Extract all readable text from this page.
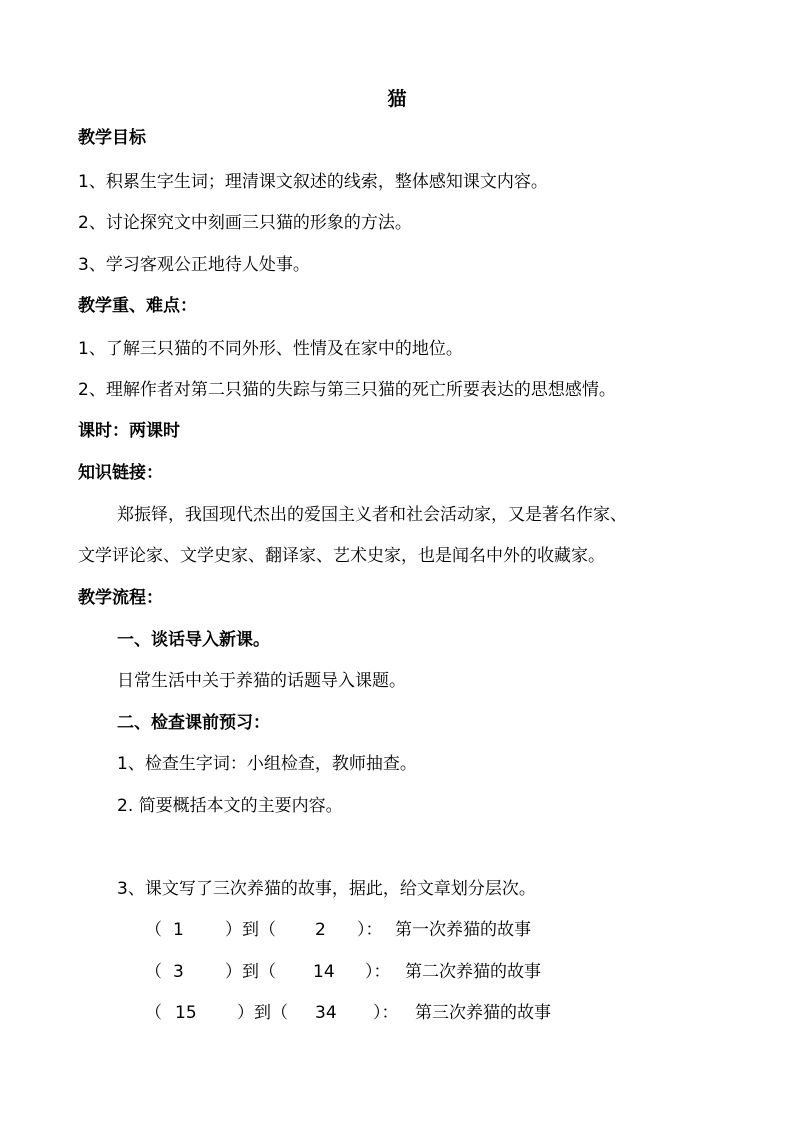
猫
教学目标
1、积累生字生词；理清课文叙述的线索，整体感知课文内容。
2、讨论探究文中刻画三只猫的形象的方法。
3、学习客观公正地待人处事。
教学重、难点：
1、了解三只猫的不同外形、性情及在家中的地位。
2、理解作者对第二只猫的失踪与第三只猫的死亡所要表达的思想感情。
课时：两课时
知识链接：
郑振铎，我国现代杰出的爱国主义者和社会活动家，又是著名作家、
文学评论家、文学史家、翻译家、艺术史家，也是闻名中外的收藏家。
教学流程：
一、谈话导入新课。
日常生活中关于养猫的话题导入课题。
二、检查课前预习：
1、检查生字词：小组检查，教师抽查。
2. 简要概括本文的主要内容。
3、课文写了三次养猫的故事，据此，给文章划分层次。
（ 1 ）到（ 2 ）： 第一次养猫的故事
（ 3 ）到（ 14 ）： 第二次养猫的故事
（ 15 ）到（ 34 ）： 第三次养猫的故事
